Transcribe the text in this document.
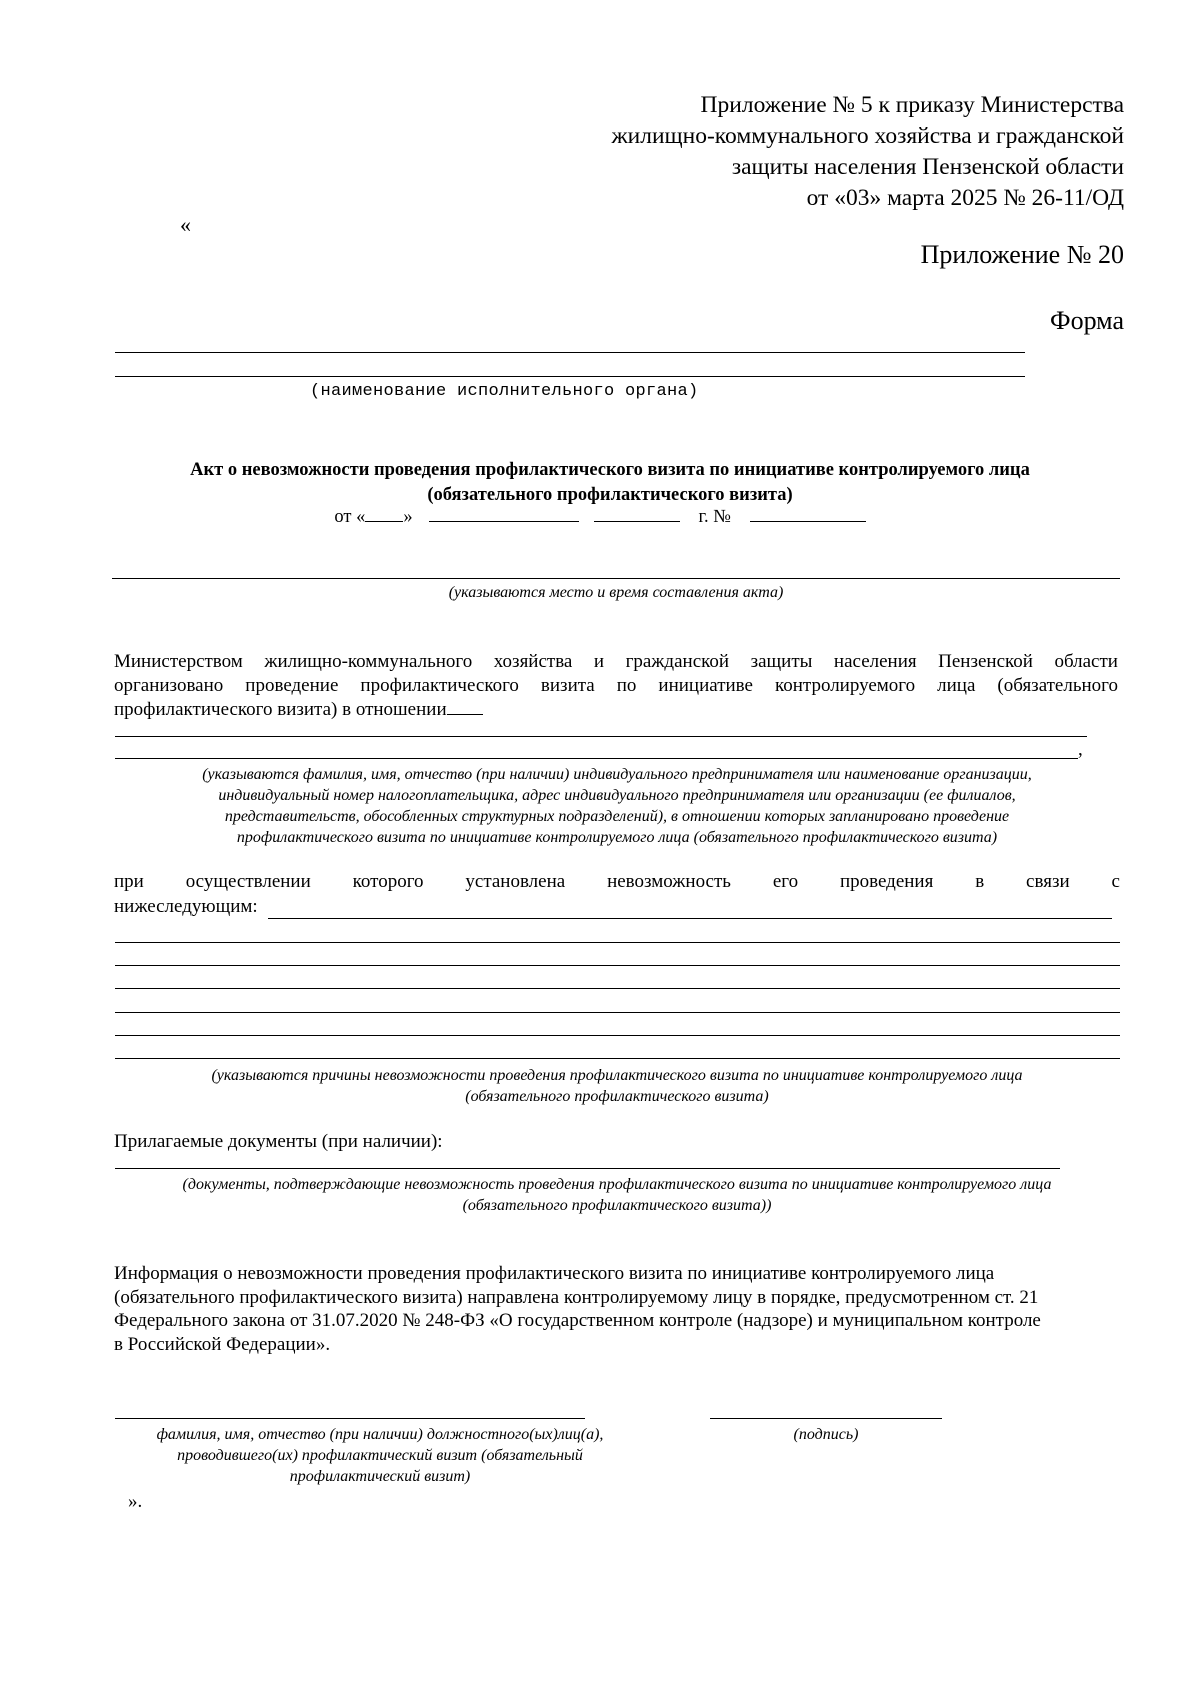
Приложение № 5 к приказу Министерства
жилищно-коммунального хозяйства и гражданской
защиты населения Пензенской области
от «03» марта 2025 № 26-11/ОД
«
Приложение № 20
Форма
(наименование исполнительного органа)
Акт о невозможности проведения профилактического визита по инициативе контролируемого лица
(обязательного профилактического визита)
от « »	г. №
(указываются место и время составления акта)
Министерством жилищно-коммунального хозяйства и гражданской защиты населения Пензенской области
организовано проведение профилактического визита по инициативе контролируемого лица (обязательного
профилактического визита) в отношении
,
(указываются фамилия, имя, отчество (при наличии) индивидуального предпринимателя или наименование организации,
индивидуальный номер налогоплательщика, адрес индивидуального предпринимателя или организации (ее филиалов,
представительств, обособленных структурных подразделений), в отношении которых запланировано проведение
профилактического визита по инициативе контролируемого лица (обязательного профилактического визита)
при осуществлении которого установлена невозможность его проведения в связи с
нижеследующим:
(указываются причины невозможности проведения профилактического визита по инициативе контролируемого лица
(обязательного профилактического визита)
Прилагаемые документы (при наличии):
(документы, подтверждающие невозможность проведения профилактического визита по инициативе контролируемого лица
(обязательного профилактического визита))
Информация о невозможности проведения профилактического визита по инициативе контролируемого лица
(обязательного профилактического визита) направлена контролируемому лицу в порядке, предусмотренном ст. 21
Федерального закона от 31.07.2020 № 248-ФЗ «О государственном контроле (надзоре) и муниципальном контроле
в Российской Федерации».
фамилия, имя, отчество (при наличии) должностного(ых)лиц(а),
проводившего(их) профилактический визит (обязательный
профилактический визит)
(подпись)
».
